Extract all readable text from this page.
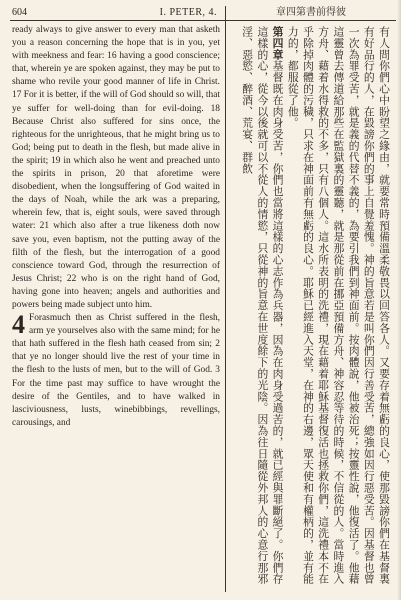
604	I. PETER, 4.	章四第書前得彼

ready always to give answer to every man that asketh you a reason concerning the hope that is in you, yet with meekness and fear: 16 having a good conscience; that, wherein ye are spoken against, they may be put to shame who revile your good manner of life in Christ. 17 For it is better, if the will of God should so will, that ye suffer for well-doing than for evil-doing. 18 Because Christ also suffered for sins once, the righteous for the unrighteous, that he might bring us to God; being put to death in the flesh, but made alive in the spirit; 19 in which also he went and preached unto the spirits in prison, 20 that aforetime were disobedient, when the longsuffering of God waited in the days of Noah, while the ark was a preparing, wherein few, that is, eight souls, were saved through water: 21 which also after a true likeness doth now save you, even baptism, not the putting away of the filth of the flesh, but the interrogation of a good conscience toward God, through the resurrection of Jesus Christ; 22 who is on the right hand of God, having gone into heaven; angels and authorities and powers being made subject unto him.

4 Forasmuch then as Christ suffered in the flesh, arm ye yourselves also with the same mind; for he that hath suffered in the flesh hath ceased from sin; 2 that ye no longer should live the rest of your time in the flesh to the lusts of men, but to the will of God. 3 For the time past may suffice to have wrought the desire of the Gentiles, and to have walked in lasciviousness, lusts, winebibbings, revellings, carousings, and	有人問你們心中盼望之緣由，就要常時預備溫柔敬畏以回答各人。又要存着無虧的良心，使那毀謗你們在基督裏有好品行的人，在毀謗你們的事上自覺羞愧。神的旨意若是叫你們因行善受苦，總強如因行惡受苦。因基督也曾一次為罪受苦，就是義的代替不義的，為要引我們到神面前。按肉體說，他被治死；按靈性說，他復活了。他藉這靈曾去傳道給那些在監獄裏的靈聽，就是那從前在挪亞預備方舟、神容忍等待的時候，不信從的人。當時進入方舟、藉着水得救的不多，只有八個人。這水所表明的洗禮，現在藉着耶穌基督復活也拯救你們，這洗禮本不在乎除掉肉體的污穢，只求在神面前有無虧的良心。耶穌已經進入天堂，在神的右邊，眾天使和有權柄的，並有能力的，都服從了他。

第四章基督既在肉身受苦，你們也當將這樣的心志作為兵器，因為在肉身受過苦的，就已經與罪斷絕了。你們存這樣的心，從今以後就可以不從人的情慾，只從神的旨意在世度餘下的光陰。因為往日隨從外邦人的心意行那邪淫、惡慾、醉酒、荒宴、群飲
